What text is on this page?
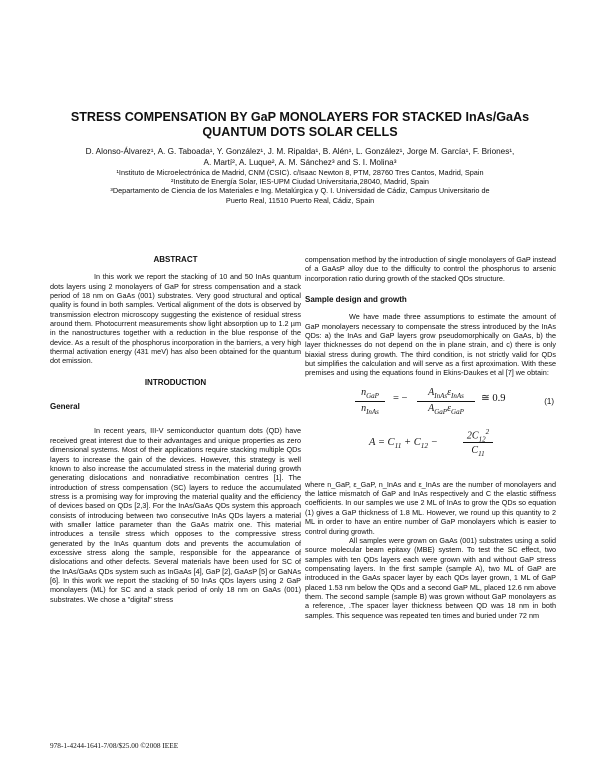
STRESS COMPENSATION BY GaP MONOLAYERS FOR STACKED InAs/GaAs
QUANTUM DOTS SOLAR CELLS
D. Alonso-Álvarez¹, A. G. Taboada¹, Y. González¹, J. M. Ripalda¹, B. Alén¹, L. González¹, Jorge M. García¹, F. Briones¹,
A. Martí², A. Luque², A. M. Sánchez³ and S. I. Molina³
¹Instituto de Microelectrónica de Madrid, CNM (CSIC). c/Isaac Newton 8, PTM, 28760 Tres Cantos, Madrid, Spain
²Instituto de Energía Solar, IES-UPM Ciudad Universitaria,28040, Madrid, Spain
³Departamento de Ciencia de los Materiales e Ing. Metalúrgica y Q. I. Universidad de Cádiz, Campus Universitario de
Puerto Real, 11510 Puerto Real, Cádiz, Spain
ABSTRACT

In this work we report the stacking of 10 and 50 InAs quantum dots layers using 2 monolayers of GaP for stress compensation and a stack period of 18 nm on GaAs (001) substrates. Very good structural and optical quality is found in both samples. Vertical alignment of the dots is observed by transmission electron microscopy suggesting the existence of residual stress around them. Photocurrent measurements show light absorption up to 1.2 µm in the nanostructures together with a reduction in the blue response of the device. As a result of the phosphorus incorporation in the barriers, a very high thermal activation energy (431 meV) has also been obtained for the quantum dot emission.

INTRODUCTION
General

In recent years, III-V semiconductor quantum dots (QD) have received great interest due to their advantages and unique properties as zero dimensional systems. Most of their applications require stacking multiple QDs layers to increase the gain of the devices. However, this strategy is well known to also increase the accumulated stress in the material during growth generating dislocations and nonradiative recombination centres [1]. The introduction of stress compensation (SC) layers to reduce the accumulated stress is a promising way for improving the material quality and the efficiency of devices based on QDs [2,3]. For the InAs/GaAs QDs system this approach consists of introducing between two consecutive InAs QDs layers a material with smaller lattice parameter than the GaAs matrix one. This material introduces a tensile stress which opposes to the compressive stress generated by the InAs quantum dots and prevents the accumulation of excessive stress along the sample, responsible for the appearance of dislocations and other defects. Several materials have been used for SC of the InAs/GaAs QDs system such as InGaAs [4], GaP [2], GaAsP [5] or GaNAs [6]. In this work we report the stacking of 50 InAs QDs layers using 2 GaP monolayers (ML) for SC and a stack period of only 18 nm on GaAs (001) substrates. We chose a "digital" stress

compensation method by the introduction of single monolayers of GaP instead of a GaAsP alloy due to the difficulty to control the phosphorus to arsenic incorporation ratio during growth of the stacked QDs structure.

Sample design and growth

We have made three assumptions to estimate the amount of GaP monolayers necessary to compensate the stress introduced by the InAs QDs: a) the InAs and GaP layers grow pseudomorphically on GaAs, b) the layer thicknesses do not depend on the in plane strain, and c) there is only biaxial stress during growth. The third condition, is not strictly valid for QDs but simplifies the calculation and will serve as a first aproximation. With these premises and using the equations found in Ekins-Daukes et al [7] we obtain:

$n_{GaP}$
$n_{InAs}$
= −
$A_{InAs}\varepsilon_{InAs}$
$A_{GaP}\varepsilon_{GaP}$
≅ 0.9	(1)
$A = C_{11} + C_{12}$ −
$2C_{12}^2$
$C_{11}$

where n_GaP, ε_GaP, n_InAs and ε_InAs are the number of monolayers and the lattice mismatch of GaP and InAs respectively and C the elastic stiffness coefficients. In our samples we use 2 ML of InAs to grow the QDs so equation (1) gives a GaP thickness of 1.8 ML. However, we round up this quantity to 2 ML in order to have an entire number of GaP monolayers which is easier to control during growth.

All samples were grown on GaAs (001) substrates using a solid source molecular beam epitaxy (MBE) system. To test the SC effect, two samples with ten QDs layers each were grown with and without GaP stress compensating layers. In the first sample (sample A), two ML of GaP are introduced in the GaAs spacer layer by each QDs layer grown, 1 ML of GaP placed 1.53 nm below the QDs and a second GaP ML, placed 12.6 nm above them. The second sample (sample B) was grown without GaP monolayers as a reference, .The spacer layer thickness between QD was 18 nm in both samples. This sequence was repeated ten times and buried under 72 nm

978-1-4244-1641-7/08/$25.00 ©2008 IEEE
